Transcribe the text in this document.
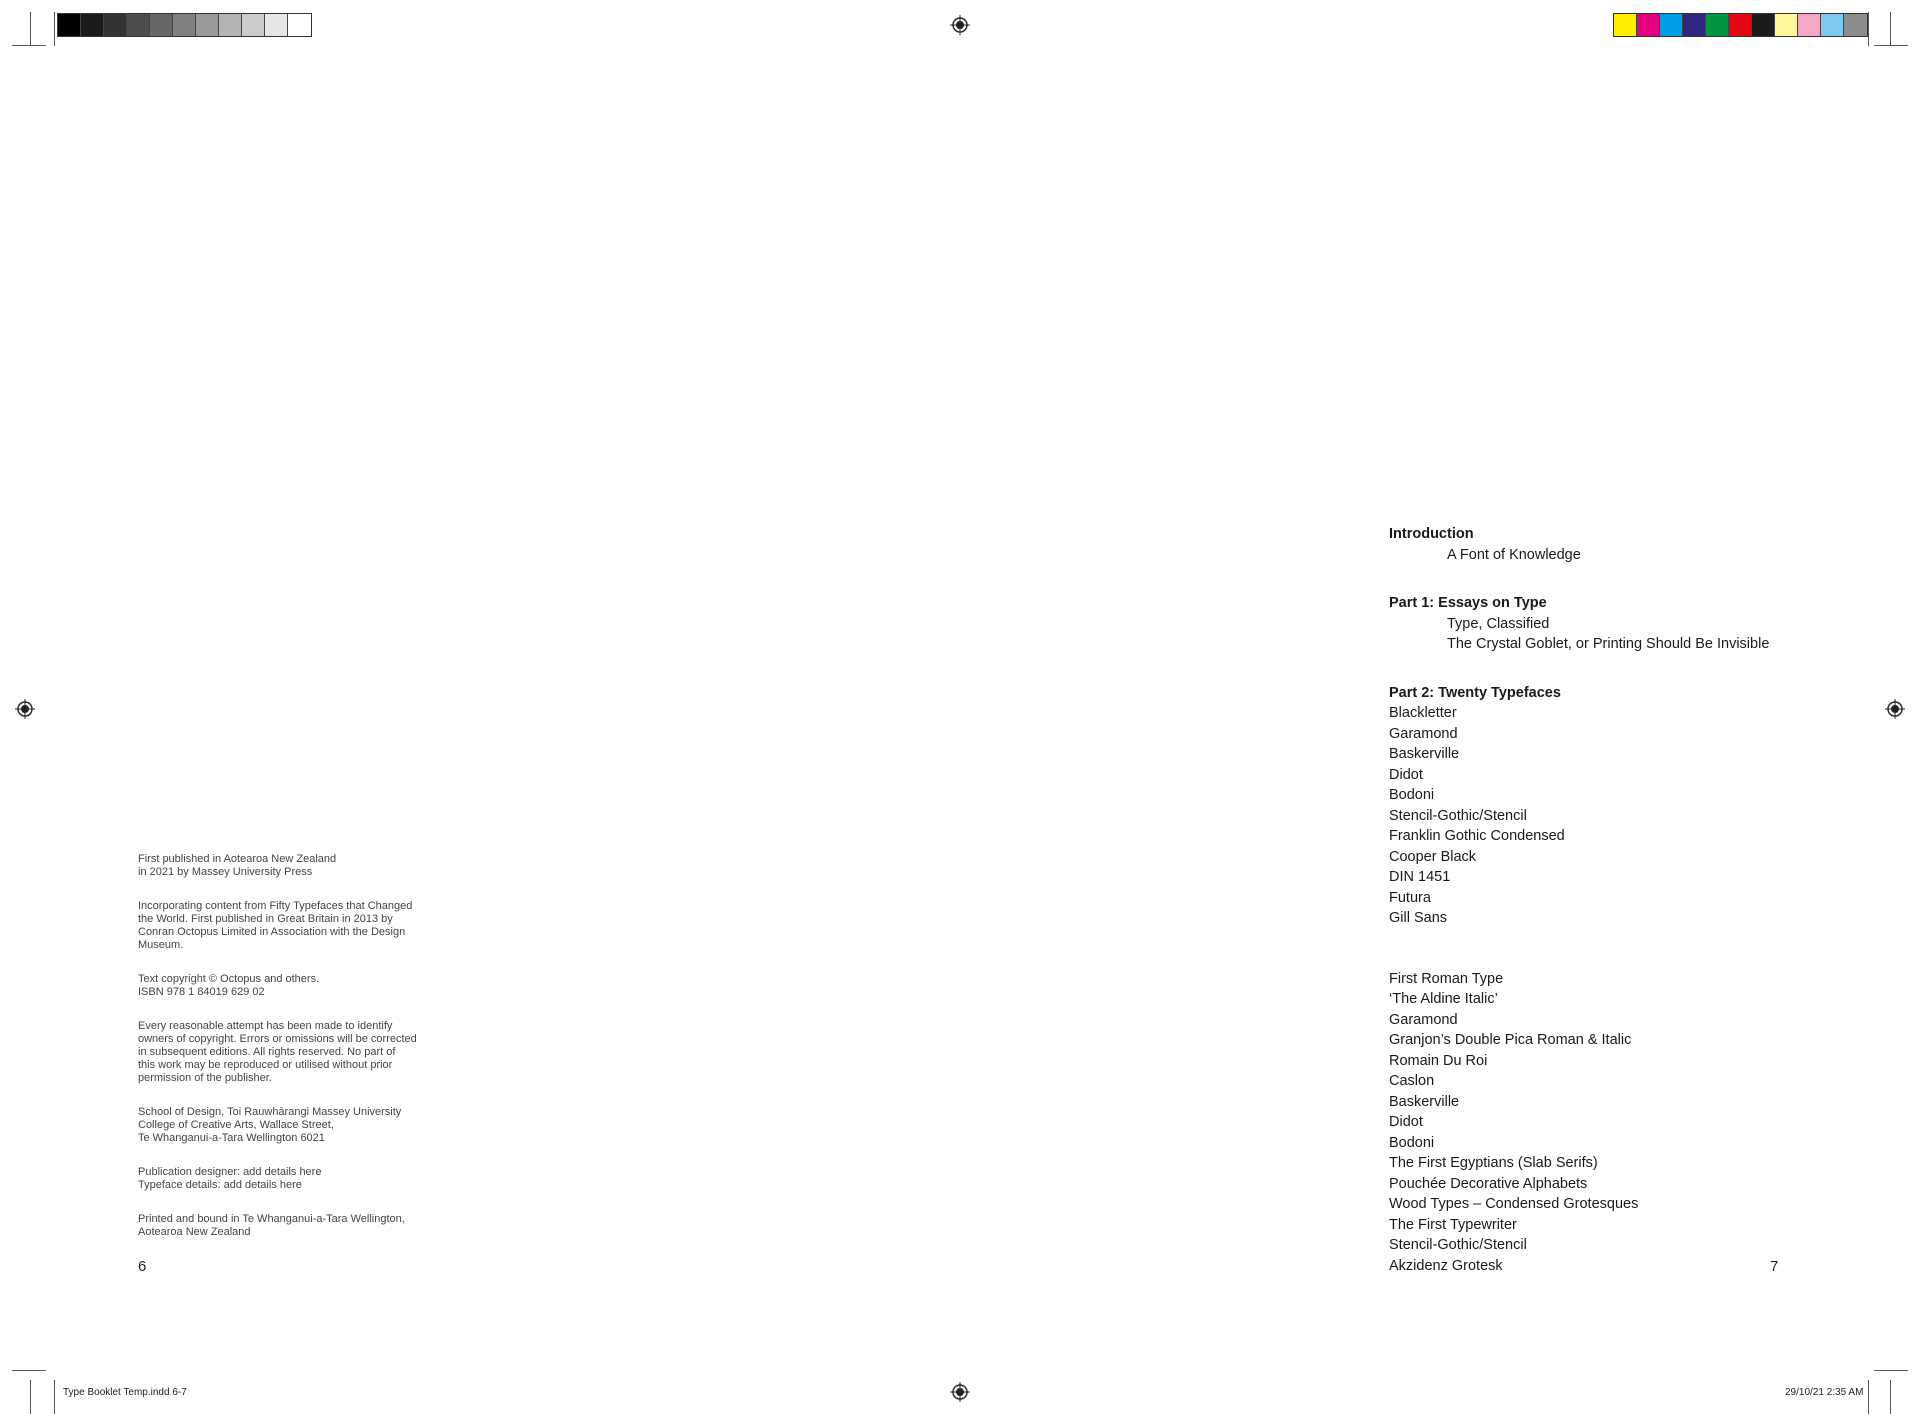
Type Booklet Temp.indd 6-7	29/10/21 2:35 AM

First published in Aotearoa New Zealand
in 2021 by Massey University Press

Incorporating content from Fifty Typefaces that Changed
the World. First published in Great Britain in 2013 by
Conran Octopus Limited in Association with the Design
Museum.

Text copyright © Octopus and others.
ISBN 978 1 84019 629 02

Every reasonable attempt has been made to identify
owners of copyright. Errors or omissions will be corrected
in subsequent editions. All rights reserved. No part of
this work may be reproduced or utilised without prior
permission of the publisher.

School of Design, Toi Rauwhārangi Massey University
College of Creative Arts, Wallace Street,
Te Whanganui-a-Tara Wellington 6021

Publication designer: add details here
Typeface details: add details here

Printed and bound in Te Whanganui-a-Tara Wellington,
Aotearoa New Zealand

6
Introduction
A Font of Knowledge
Part 1: Essays on Type
Type, Classified
The Crystal Goblet, or Printing Should Be Invisible
Part 2: Twenty Typefaces
Blackletter
Garamond
Baskerville
Didot
Bodoni
Stencil-Gothic/Stencil
Franklin Gothic Condensed
Cooper Black
DIN 1451
Futura
Gill Sans
First Roman Type
‘The Aldine Italic’
Garamond
Granjon’s Double Pica Roman & Italic
Romain Du Roi
Caslon
Baskerville
Didot
Bodoni
The First Egyptians (Slab Serifs)
Pouchée Decorative Alphabets
Wood Types – Condensed Grotesques
The First Typewriter
Stencil-Gothic/Stencil
Akzidenz Grotesk	7
